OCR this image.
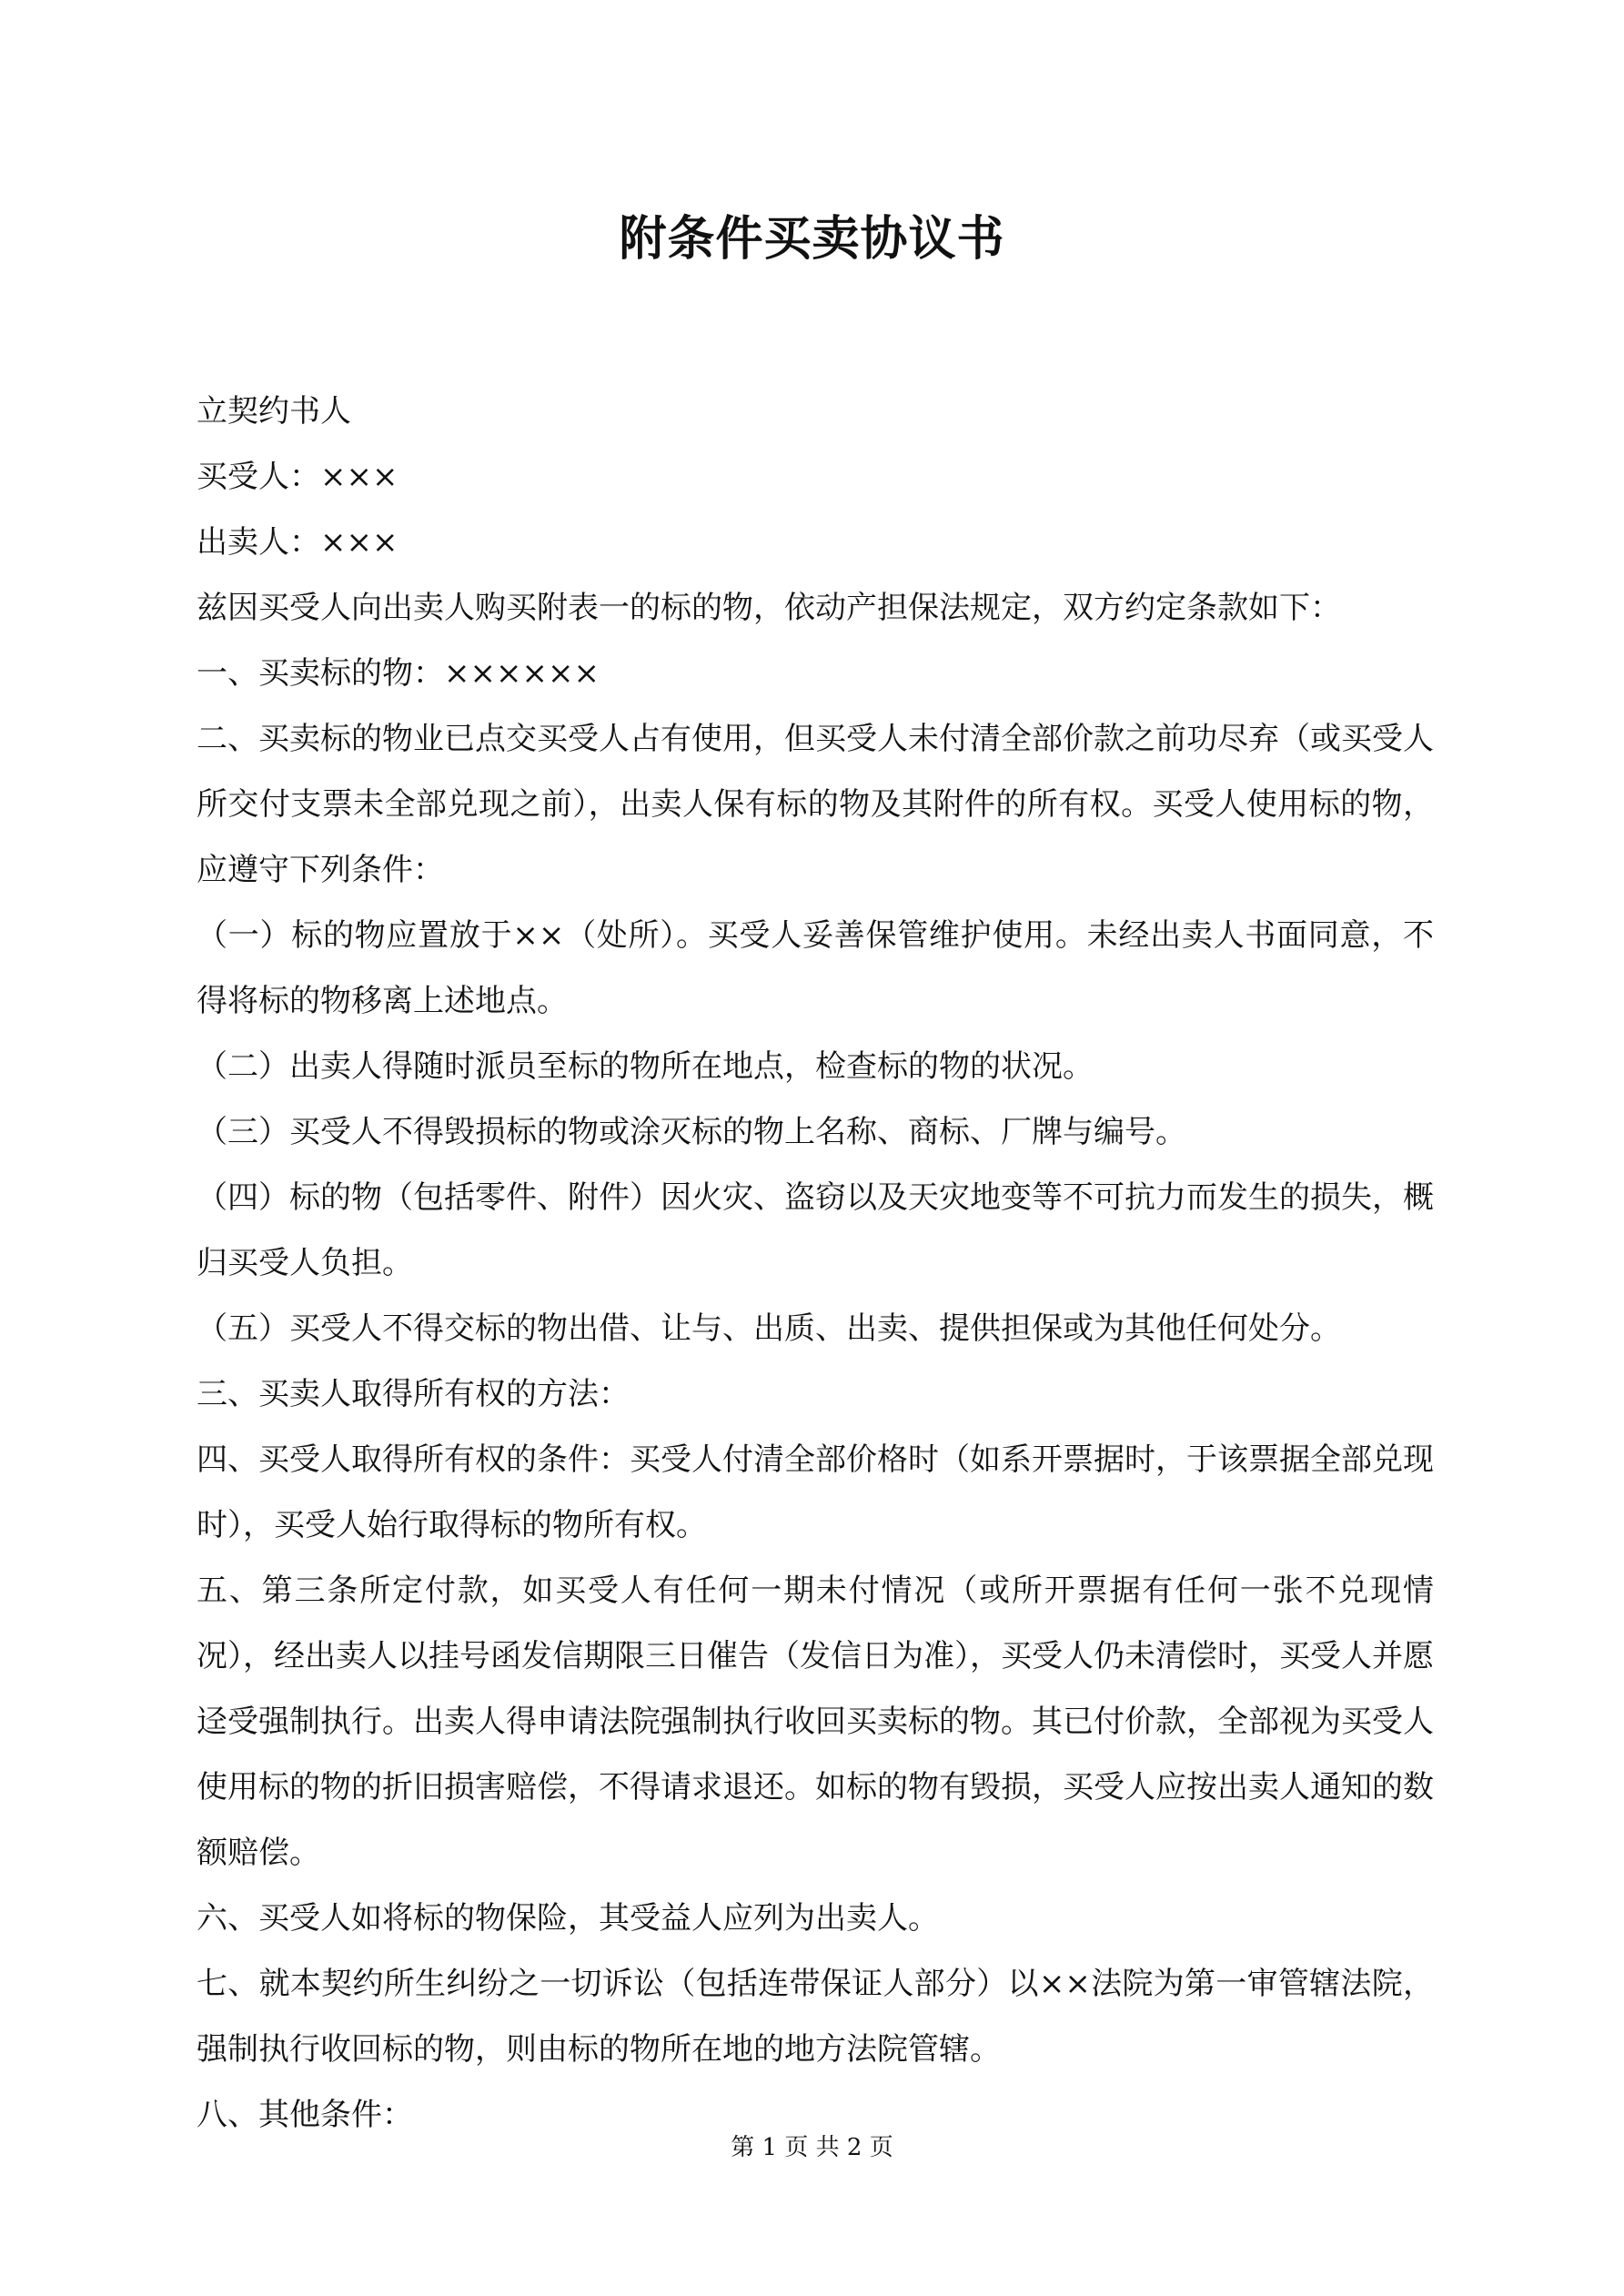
附条件买卖协议书

立契约书人

买受人：×××

出卖人：×××

兹因买受人向出卖人购买附表一的标的物，依动产担保法规定，双方约定条款如下：

一、买卖标的物：××××××

二、买卖标的物业已点交买受人占有使用，但买受人未付清全部价款之前功尽弃（或买受人所交付支票未全部兑现之前），出卖人保有标的物及其附件的所有权。买受人使用标的物，应遵守下列条件：

（一）标的物应置放于××（处所）。买受人妥善保管维护使用。未经出卖人书面同意，不得将标的物移离上述地点。

（二）出卖人得随时派员至标的物所在地点，检查标的物的状况。

（三）买受人不得毁损标的物或涂灭标的物上名称、商标、厂牌与编号。

（四）标的物（包括零件、附件）因火灾、盗窃以及天灾地变等不可抗力而发生的损失，概归买受人负担。

（五）买受人不得交标的物出借、让与、出质、出卖、提供担保或为其他任何处分。

三、买卖人取得所有权的方法：

四、买受人取得所有权的条件：买受人付清全部价格时（如系开票据时，于该票据全部兑现时），买受人始行取得标的物所有权。

五、第三条所定付款，如买受人有任何一期未付情况（或所开票据有任何一张不兑现情况），经出卖人以挂号函发信期限三日催告（发信日为准），买受人仍未清偿时，买受人并愿迳受强制执行。出卖人得申请法院强制执行收回买卖标的物。其已付价款，全部视为买受人使用标的物的折旧损害赔偿，不得请求退还。如标的物有毁损，买受人应按出卖人通知的数额赔偿。

六、买受人如将标的物保险，其受益人应列为出卖人。

七、就本契约所生纠纷之一切诉讼（包括连带保证人部分）以××法院为第一审管辖法院，强制执行收回标的物，则由标的物所在地的地方法院管辖。

八、其他条件：

第 1 页 共 2 页
